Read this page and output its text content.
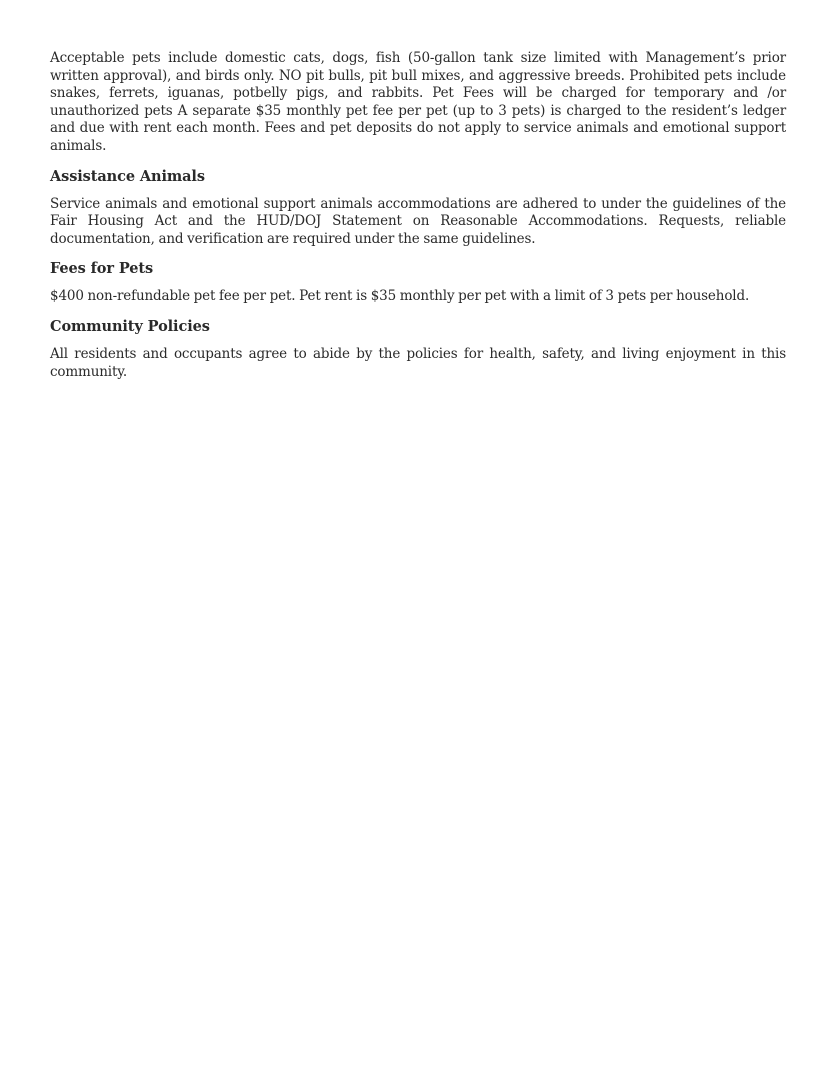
Acceptable pets include domestic cats, dogs, fish (50-gallon tank size limited with Management’s prior written approval), and birds only. NO pit bulls, pit bull mixes, and aggressive breeds. Prohibited pets include snakes, ferrets, iguanas, potbelly pigs, and rabbits. Pet Fees will be charged for temporary and /or unauthorized pets A separate $35 monthly pet fee per pet (up to 3 pets) is charged to the resident’s ledger and due with rent each month. Fees and pet deposits do not apply to service animals and emotional support animals.

Assistance Animals

Service animals and emotional support animals accommodations are adhered to under the guidelines of the Fair Housing Act and the HUD/DOJ Statement on Reasonable Accommodations. Requests, reliable documentation, and verification are required under the same guidelines.

Fees for Pets

$400 non-refundable pet fee per pet. Pet rent is $35 monthly per pet with a limit of 3 pets per household.

Community Policies

All residents and occupants agree to abide by the policies for health, safety, and living enjoyment in this community.
